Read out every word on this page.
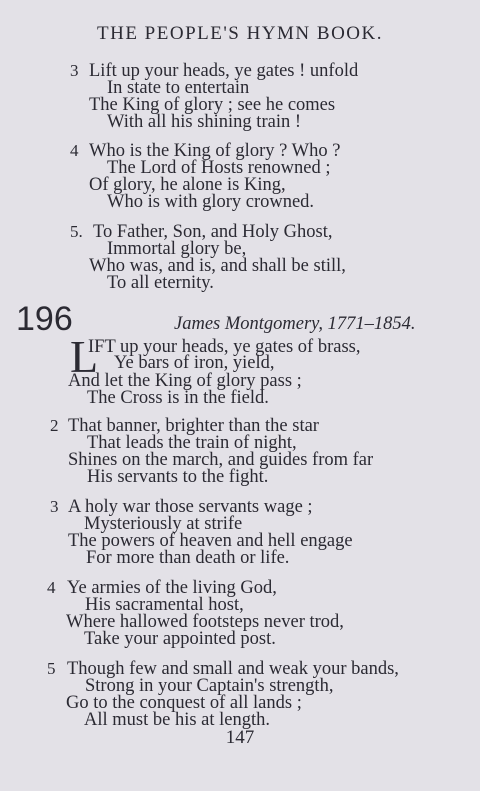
THE PEOPLE'S HYMN BOOK.
3 Lift up your heads, ye gates ! unfold
In state to entertain
The King of glory ; see he comes
With all his shining train !
4 Who is the King of glory ? Who ?
The Lord of Hosts renowned ;
Of glory, he alone is King,
Who is with glory crowned.
5. To Father, Son, and Holy Ghost,
Immortal glory be,
Who was, and is, and shall be still,
To all eternity.
196	James Montgomery, 1771–1854.
L
IFT up your heads, ye gates of brass,
Ye bars of iron, yield,
And let the King of glory pass ;
The Cross is in the field.
2 That banner, brighter than the star
That leads the train of night,
Shines on the march, and guides from far
His servants to the fight.
3 A holy war those servants wage ;
Mysteriously at strife
The powers of heaven and hell engage
For more than death or life.
4 Ye armies of the living God,
His sacramental host,
Where hallowed footsteps never trod,
Take your appointed post.
5 Though few and small and weak your bands,
Strong in your Captain's strength,
Go to the conquest of all lands ;
All must be his at length.
147
